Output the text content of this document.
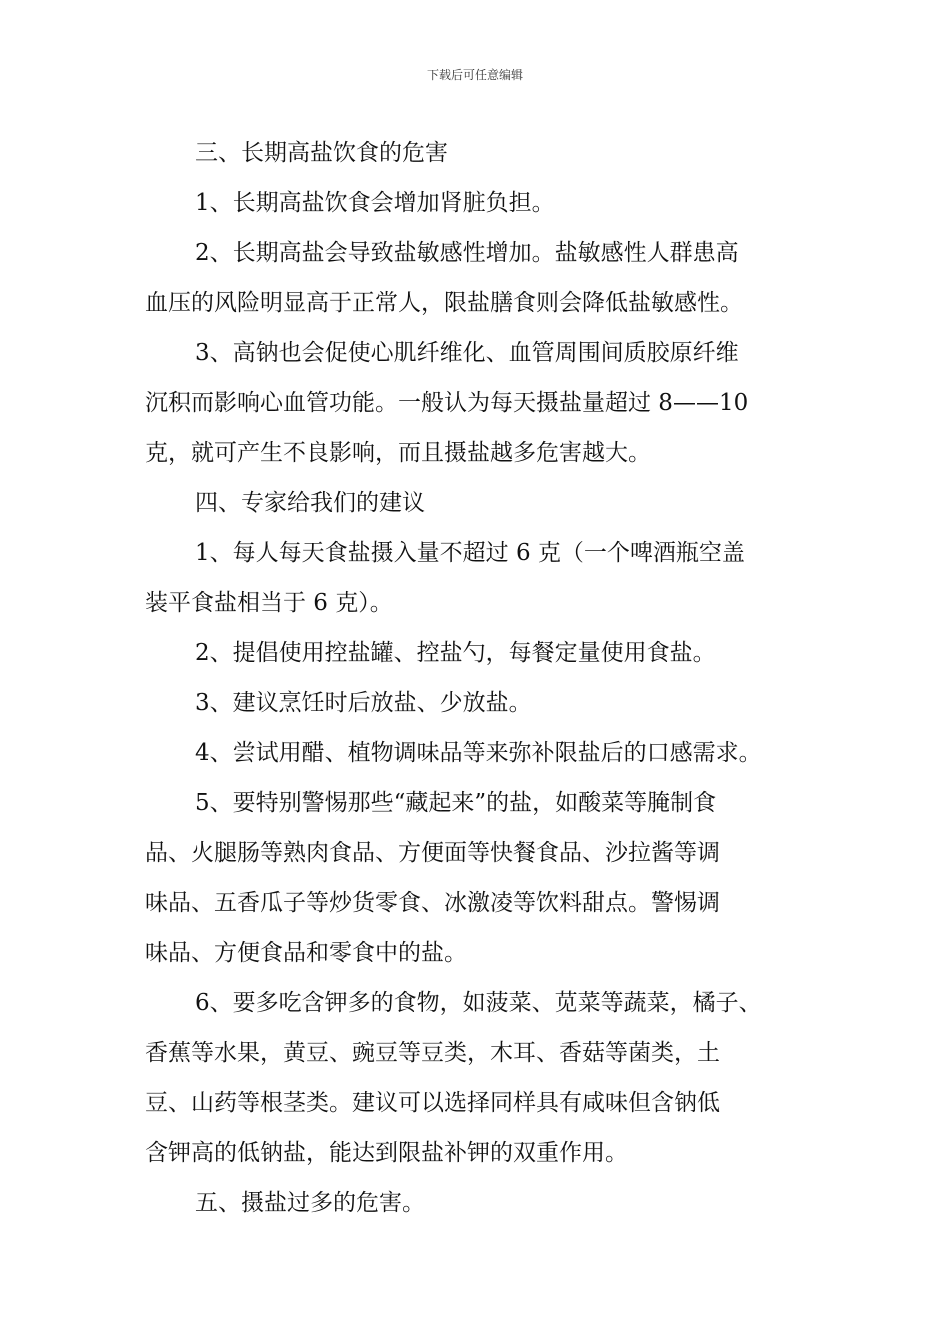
下载后可任意编辑

三、长期高盐饮食的危害

1、长期高盐饮食会增加肾脏负担。

2、长期高盐会导致盐敏感性增加。盐敏感性人群患高

血压的风险明显高于正常人，限盐膳食则会降低盐敏感性。

3、高钠也会促使心肌纤维化、血管周围间质胶原纤维

沉积而影响心血管功能。一般认为每天摄盐量超过 8——10

克，就可产生不良影响，而且摄盐越多危害越大。

四、专家给我们的建议

1、每人每天食盐摄入量不超过 6 克（一个啤酒瓶空盖

装平食盐相当于 6 克）。

2、提倡使用控盐罐、控盐勺，每餐定量使用食盐。

3、建议烹饪时后放盐、少放盐。

4、尝试用醋、植物调味品等来弥补限盐后的口感需求。

5、要特别警惕那些“藏起来”的盐，如酸菜等腌制食

品、火腿肠等熟肉食品、方便面等快餐食品、沙拉酱等调

味品、五香瓜子等炒货零食、冰激凌等饮料甜点。警惕调

味品、方便食品和零食中的盐。

6、要多吃含钾多的食物，如菠菜、苋菜等蔬菜，橘子、

香蕉等水果，黄豆、豌豆等豆类，木耳、香菇等菌类，土

豆、山药等根茎类。建议可以选择同样具有咸味但含钠低

含钾高的低钠盐，能达到限盐补钾的双重作用。

五、摄盐过多的危害。
